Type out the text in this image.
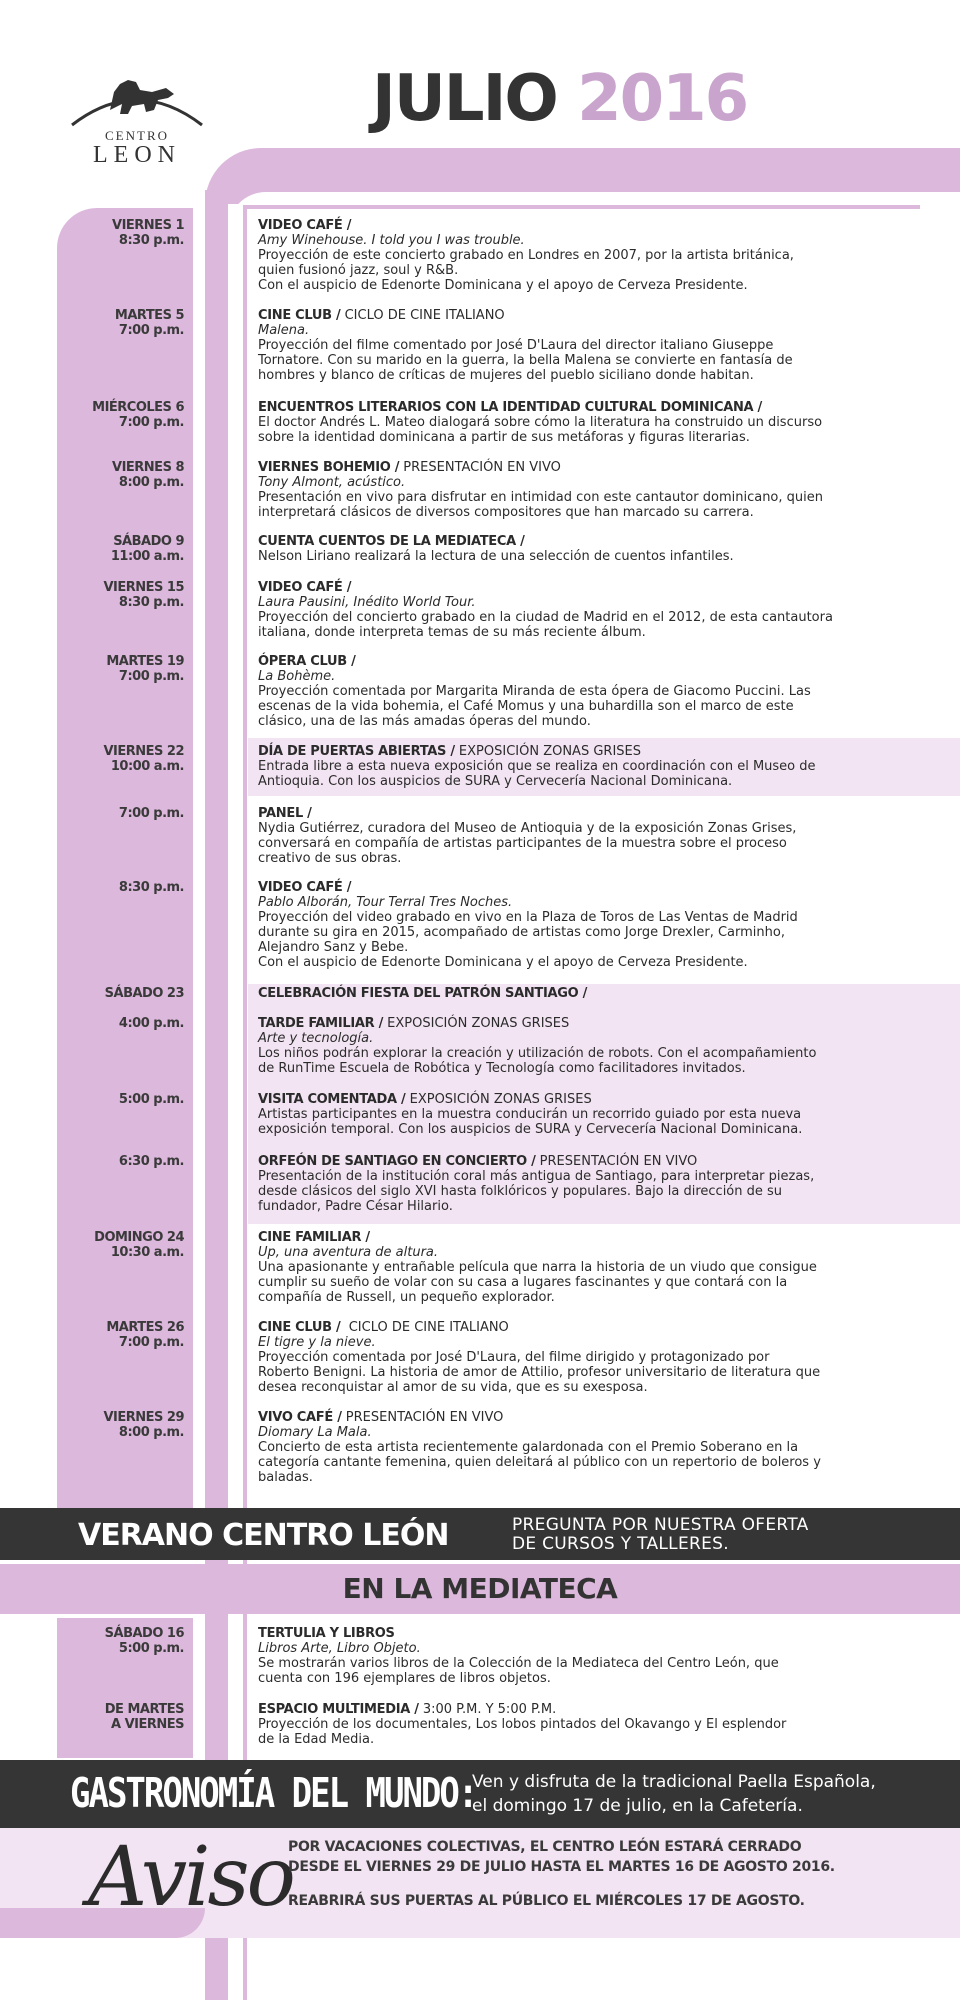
CENTRO
LEON
JULIO 2016
VIERNES 1
8:30 p.m.
VIDEO CAFÉ /
Amy Winehouse. I told you I was trouble.
Proyección de este concierto grabado en Londres en 2007, por la artista británica,
quien fusionó jazz, soul y R&B.
Con el auspicio de Edenorte Dominicana y el apoyo de Cerveza Presidente.
MARTES 5
7:00 p.m.
CINE CLUB / CICLO DE CINE ITALIANO
Malena.
Proyección del filme comentado por José D'Laura del director italiano Giuseppe
Tornatore. Con su marido en la guerra, la bella Malena se convierte en fantasía de
hombres y blanco de críticas de mujeres del pueblo siciliano donde habitan.
MIÉRCOLES 6
7:00 p.m.
ENCUENTROS LITERARIOS CON LA IDENTIDAD CULTURAL DOMINICANA /
El doctor Andrés L. Mateo dialogará sobre cómo la literatura ha construido un discurso
sobre la identidad dominicana a partir de sus metáforas y figuras literarias.
VIERNES 8
8:00 p.m.
VIERNES BOHEMIO / PRESENTACIÓN EN VIVO
Tony Almont, acústico.
Presentación en vivo para disfrutar en intimidad con este cantautor dominicano, quien
interpretará clásicos de diversos compositores que han marcado su carrera.
SÁBADO 9
11:00 a.m.
CUENTA CUENTOS DE LA MEDIATECA /
Nelson Liriano realizará la lectura de una selección de cuentos infantiles.
VIERNES 15
8:30 p.m.
VIDEO CAFÉ /
Laura Pausini, Inédito World Tour.
Proyección del concierto grabado en la ciudad de Madrid en el 2012, de esta cantautora
italiana, donde interpreta temas de su más reciente álbum.
MARTES 19
7:00 p.m.
ÓPERA CLUB /
La Bohème.
Proyección comentada por Margarita Miranda de esta ópera de Giacomo Puccini. Las
escenas de la vida bohemia, el Café Momus y una buhardilla son el marco de este
clásico, una de las más amadas óperas del mundo.
VIERNES 22
10:00 a.m.
DÍA DE PUERTAS ABIERTAS / EXPOSICIÓN ZONAS GRISES
Entrada libre a esta nueva exposición que se realiza en coordinación con el Museo de
Antioquia. Con los auspicios de SURA y Cervecería Nacional Dominicana.
7:00 p.m.	PANEL /
Nydia Gutiérrez, curadora del Museo de Antioquia y de la exposición Zonas Grises,
conversará en compañía de artistas participantes de la muestra sobre el proceso
creativo de sus obras.
8:30 p.m.	VIDEO CAFÉ /
Pablo Alborán, Tour Terral Tres Noches.
Proyección del video grabado en vivo en la Plaza de Toros de Las Ventas de Madrid
durante su gira en 2015, acompañado de artistas como Jorge Drexler, Carminho,
Alejandro Sanz y Bebe.
Con el auspicio de Edenorte Dominicana y el apoyo de Cerveza Presidente.
SÁBADO 23	CELEBRACIÓN FIESTA DEL PATRÓN SANTIAGO /
4:00 p.m.	TARDE FAMILIAR / EXPOSICIÓN ZONAS GRISES
Arte y tecnología.
Los niños podrán explorar la creación y utilización de robots. Con el acompañamiento
de RunTime Escuela de Robótica y Tecnología como facilitadores invitados.
5:00 p.m.	VISITA COMENTADA / EXPOSICIÓN ZONAS GRISES
Artistas participantes en la muestra conducirán un recorrido guiado por esta nueva
exposición temporal. Con los auspicios de SURA y Cervecería Nacional Dominicana.
6:30 p.m.	ORFEÓN DE SANTIAGO EN CONCIERTO / PRESENTACIÓN EN VIVO
Presentación de la institución coral más antigua de Santiago, para interpretar piezas,
desde clásicos del siglo XVI hasta folklóricos y populares. Bajo la dirección de su
fundador, Padre César Hilario.
DOMINGO 24
10:30 a.m.
CINE FAMILIAR /
Up, una aventura de altura.
Una apasionante y entrañable película que narra la historia de un viudo que consigue
cumplir su sueño de volar con su casa a lugares fascinantes y que contará con la
compañía de Russell, un pequeño explorador.
MARTES 26
7:00 p.m.
CINE CLUB /  CICLO DE CINE ITALIANO
El tigre y la nieve.
Proyección comentada por José D'Laura, del filme dirigido y protagonizado por
Roberto Benigni. La historia de amor de Attilio, profesor universitario de literatura que
desea reconquistar al amor de su vida, que es su exesposa.
VIERNES 29
8:00 p.m.
VIVO CAFÉ / PRESENTACIÓN EN VIVO
Diomary La Mala.
Concierto de esta artista recientemente galardonada con el Premio Soberano en la
categoría cantante femenina, quien deleitará al público con un repertorio de boleros y
baladas.
VERANO CENTRO LEÓN	PREGUNTA POR NUESTRA OFERTA
DE CURSOS Y TALLERES.
EN LA MEDIATECA
SÁBADO 16
5:00 p.m.
TERTULIA Y LIBROS
Libros Arte, Libro Objeto.
Se mostrarán varios libros de la Colección de la Mediateca del Centro León, que
cuenta con 196 ejemplares de libros objetos.
DE MARTES
A VIERNES
ESPACIO MULTIMEDIA / 3:00 P.M. Y 5:00 P.M.
Proyección de los documentales, Los lobos pintados del Okavango y El esplendor
de la Edad Media.
GASTRONOMÍA DEL MUNDO:
Ven y disfruta de la tradicional Paella Española,
el domingo 17 de julio, en la Cafetería.
Aviso
POR VACACIONES COLECTIVAS, EL CENTRO LEÓN ESTARÁ CERRADO
DESDE EL VIERNES 29 DE JULIO HASTA EL MARTES 16 DE AGOSTO 2016.
REABRIRÁ SUS PUERTAS AL PÚBLICO EL MIÉRCOLES 17 DE AGOSTO.
